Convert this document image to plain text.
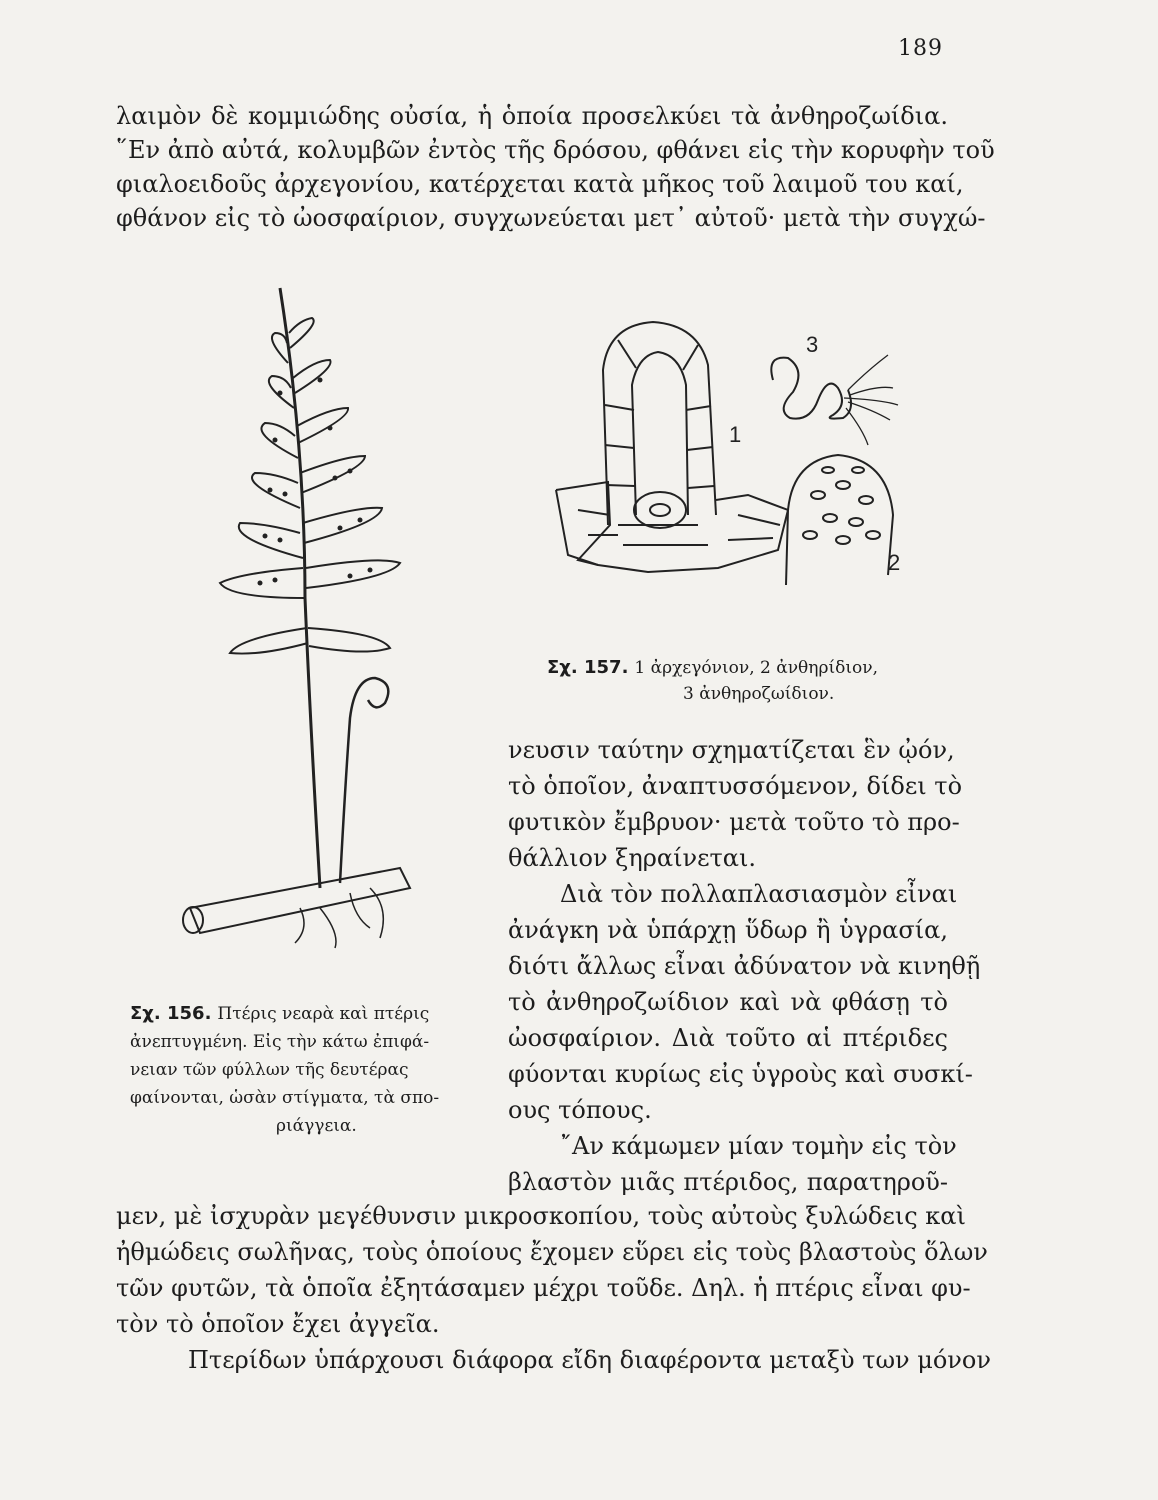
189
λαιμὸν δὲ κομμιώδης οὐσία, ἡ ὁποία προσελκύει τὰ ἀνθηροζωίδια.
῞Εν ἀπὸ αὐτά, κολυμβῶν ἐντὸς τῆς δρόσου, φθάνει εἰς τὴν κορυφὴν τοῦ
φιαλοειδοῦς ἀρχεγονίου, κατέρχεται κατὰ μῆκος τοῦ λαιμοῦ του καί,
φθάνον εἰς τὸ ὠοσφαίριον, συγχωνεύεται μετ᾽ αὐτοῦ· μετὰ τὴν συγχώ-
1
2
3
Σχ. 157. 1 ἀρχεγόνιον, 2 ἀνθηρίδιον,
3 ἀνθηροζωίδιον.
Σχ. 156. Πτέρις νεαρὰ καὶ πτέρις
ἀνεπτυγμένη. Εἰς τὴν κάτω ἐπιφά-
νειαν τῶν φύλλων τῆς δευτέρας
φαίνονται, ὡσὰν στίγματα, τὰ σπο-
ριάγγεια.
νευσιν ταύτην σχηματίζεται ἓν ᾠόν,
τὸ ὁποῖον, ἀναπτυσσόμενον, δίδει τὸ
φυτικὸν ἔμβρυον· μετὰ τοῦτο τὸ προ-
θάλλιον ξηραίνεται.
Διὰ τὸν πολλαπλασιασμὸν εἶναι
ἀνάγκη νὰ ὑπάρχῃ ὕδωρ ἢ ὑγρασία,
διότι ἄλλως εἶναι ἀδύνατον νὰ κινηθῇ
τὸ ἀνθηροζωίδιον καὶ νὰ φθάσῃ τὸ
ὠοσφαίριον. Διὰ τοῦτο αἱ πτέριδες
φύονται κυρίως εἰς ὑγροὺς καὶ συσκί-
ους τόπους.
῎Αν κάμωμεν μίαν τομὴν εἰς τὸν
βλαστὸν μιᾶς πτέριδος, παρατηροῦ-
μεν, μὲ ἰσχυρὰν μεγέθυνσιν μικροσκοπίου, τοὺς αὐτοὺς ξυλώδεις καὶ
ἠθμώδεις σωλῆνας, τοὺς ὁποίους ἔχομεν εὕρει εἰς τοὺς βλαστοὺς ὅλων
τῶν φυτῶν, τὰ ὁποῖα ἐξητάσαμεν μέχρι τοῦδε. Δηλ. ἡ πτέρις εἶναι φυ-
τὸν τὸ ὁποῖον ἔχει ἀγγεῖα.
Πτερίδων ὑπάρχουσι διάφορα εἴδη διαφέροντα μεταξὺ των μόνον
